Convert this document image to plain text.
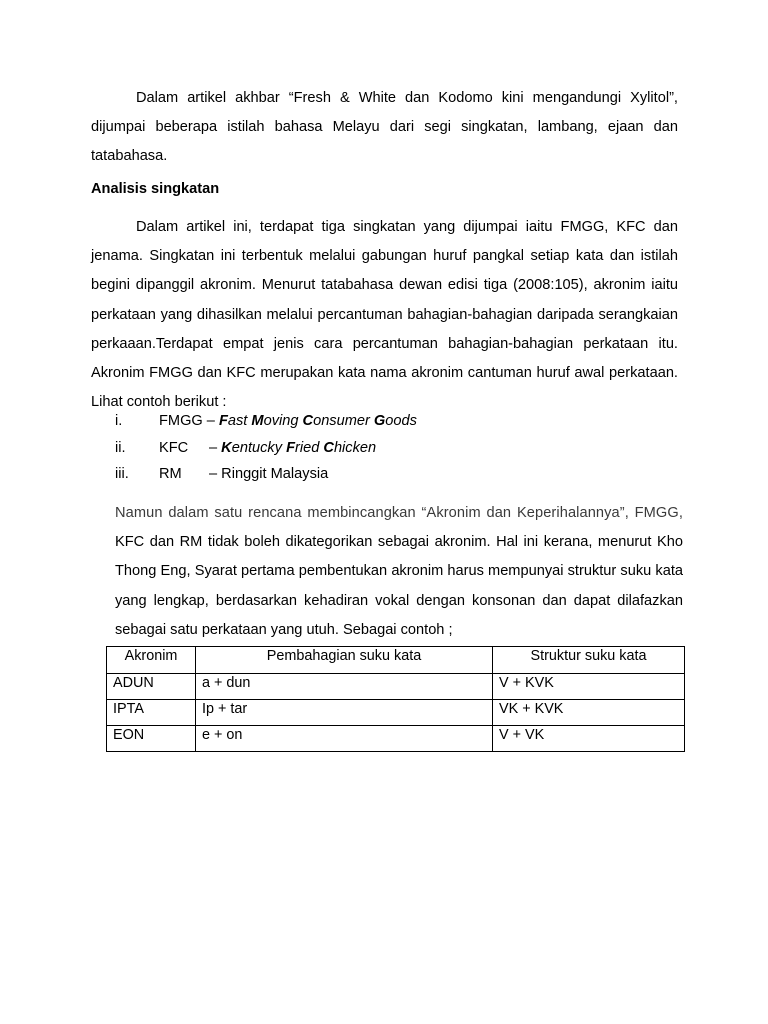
Dalam artikel akhbar “Fresh & White dan Kodomo kini mengandungi Xylitol”, dijumpai beberapa istilah bahasa Melayu dari segi singkatan, lambang, ejaan dan tatabahasa.

Analisis singkatan

Dalam artikel ini, terdapat tiga singkatan yang dijumpai iaitu FMGG, KFC dan jenama. Singkatan ini terbentuk melalui gabungan huruf pangkal setiap kata dan istilah begini dipanggil akronim. Menurut tatabahasa dewan edisi tiga (2008:105), akronim iaitu perkataan yang dihasilkan melalui percantuman bahagian-bahagian daripada serangkaian perkaaan.Terdapat empat jenis cara percantuman bahagian-bahagian perkataan itu. Akronim FMGG dan KFC merupakan kata nama akronim cantuman huruf awal perkataan. Lihat contoh berikut :

i.	FMGG – Fast Moving Consumer Goods
ii. KFC – Kentucky Fried Chicken
iii. RM – Ringgit Malaysia

Namun dalam satu rencana membincangkan “Akronim dan Keperihalannya”, FMGG, KFC dan RM tidak boleh dikategorikan sebagai akronim. Hal ini kerana, menurut Kho Thong Eng, Syarat pertama pembentukan akronim harus mempunyai struktur suku kata yang lengkap, berdasarkan kehadiran vokal dengan konsonan dan dapat dilafazkan sebagai satu perkataan yang utuh. Sebagai contoh ;

Akronim	Pembahagian suku kata	Struktur suku kata
ADUN	a + dun	V + KVK
IPTA	Ip + tar	VK + KVK
EON	e + on	V + VK
